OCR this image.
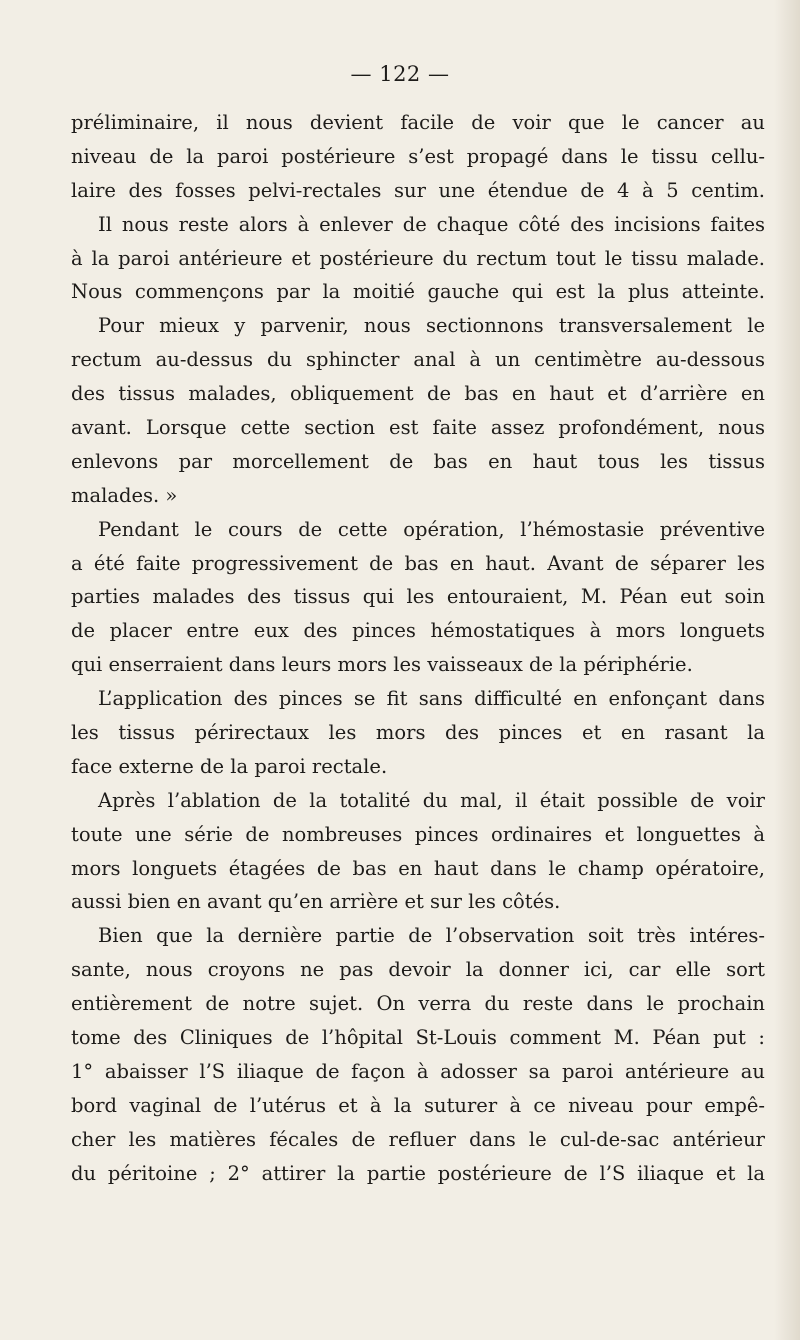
— 122 —
préliminaire, il nous devient facile de voir que le cancer au
niveau de la paroi postérieure s’est propagé dans le tissu cellu-
laire des fosses pelvi-rectales sur une étendue de 4 à 5 centim.
Il nous reste alors à enlever de chaque côté des incisions faites
à la paroi antérieure et postérieure du rectum tout le tissu malade.
Nous commençons par la moitié gauche qui est la plus atteinte.
Pour mieux y parvenir, nous sectionnons transversalement le
rectum au-dessus du sphincter anal à un centimètre au-dessous
des tissus malades, obliquement de bas en haut et d’arrière en
avant. Lorsque cette section est faite assez profondément, nous
enlevons par morcellement de bas en haut tous les tissus
malades. »
Pendant le cours de cette opération, l’hémostasie préventive
a été faite progressivement de bas en haut. Avant de séparer les
parties malades des tissus qui les entouraient, M. Péan eut soin
de placer entre eux des pinces hémostatiques à mors longuets
qui enserraient dans leurs mors les vaisseaux de la périphérie.
L’application des pinces se fit sans difficulté en enfonçant dans
les tissus périrectaux les mors des pinces et en rasant la
face externe de la paroi rectale.
Après l’ablation de la totalité du mal, il était possible de voir
toute une série de nombreuses pinces ordinaires et longuettes à
mors longuets étagées de bas en haut dans le champ opératoire,
aussi bien en avant qu’en arrière et sur les côtés.
Bien que la dernière partie de l’observation soit très intéres-
sante, nous croyons ne pas devoir la donner ici, car elle sort
entièrement de notre sujet. On verra du reste dans le prochain
tome des Cliniques de l’hôpital St-Louis comment M. Péan put :
1° abaisser l’S iliaque de façon à adosser sa paroi antérieure au
bord vaginal de l’utérus et à la suturer à ce niveau pour empê-
cher les matières fécales de refluer dans le cul-de-sac antérieur
du péritoine ; 2° attirer la partie postérieure de l’S iliaque et la
